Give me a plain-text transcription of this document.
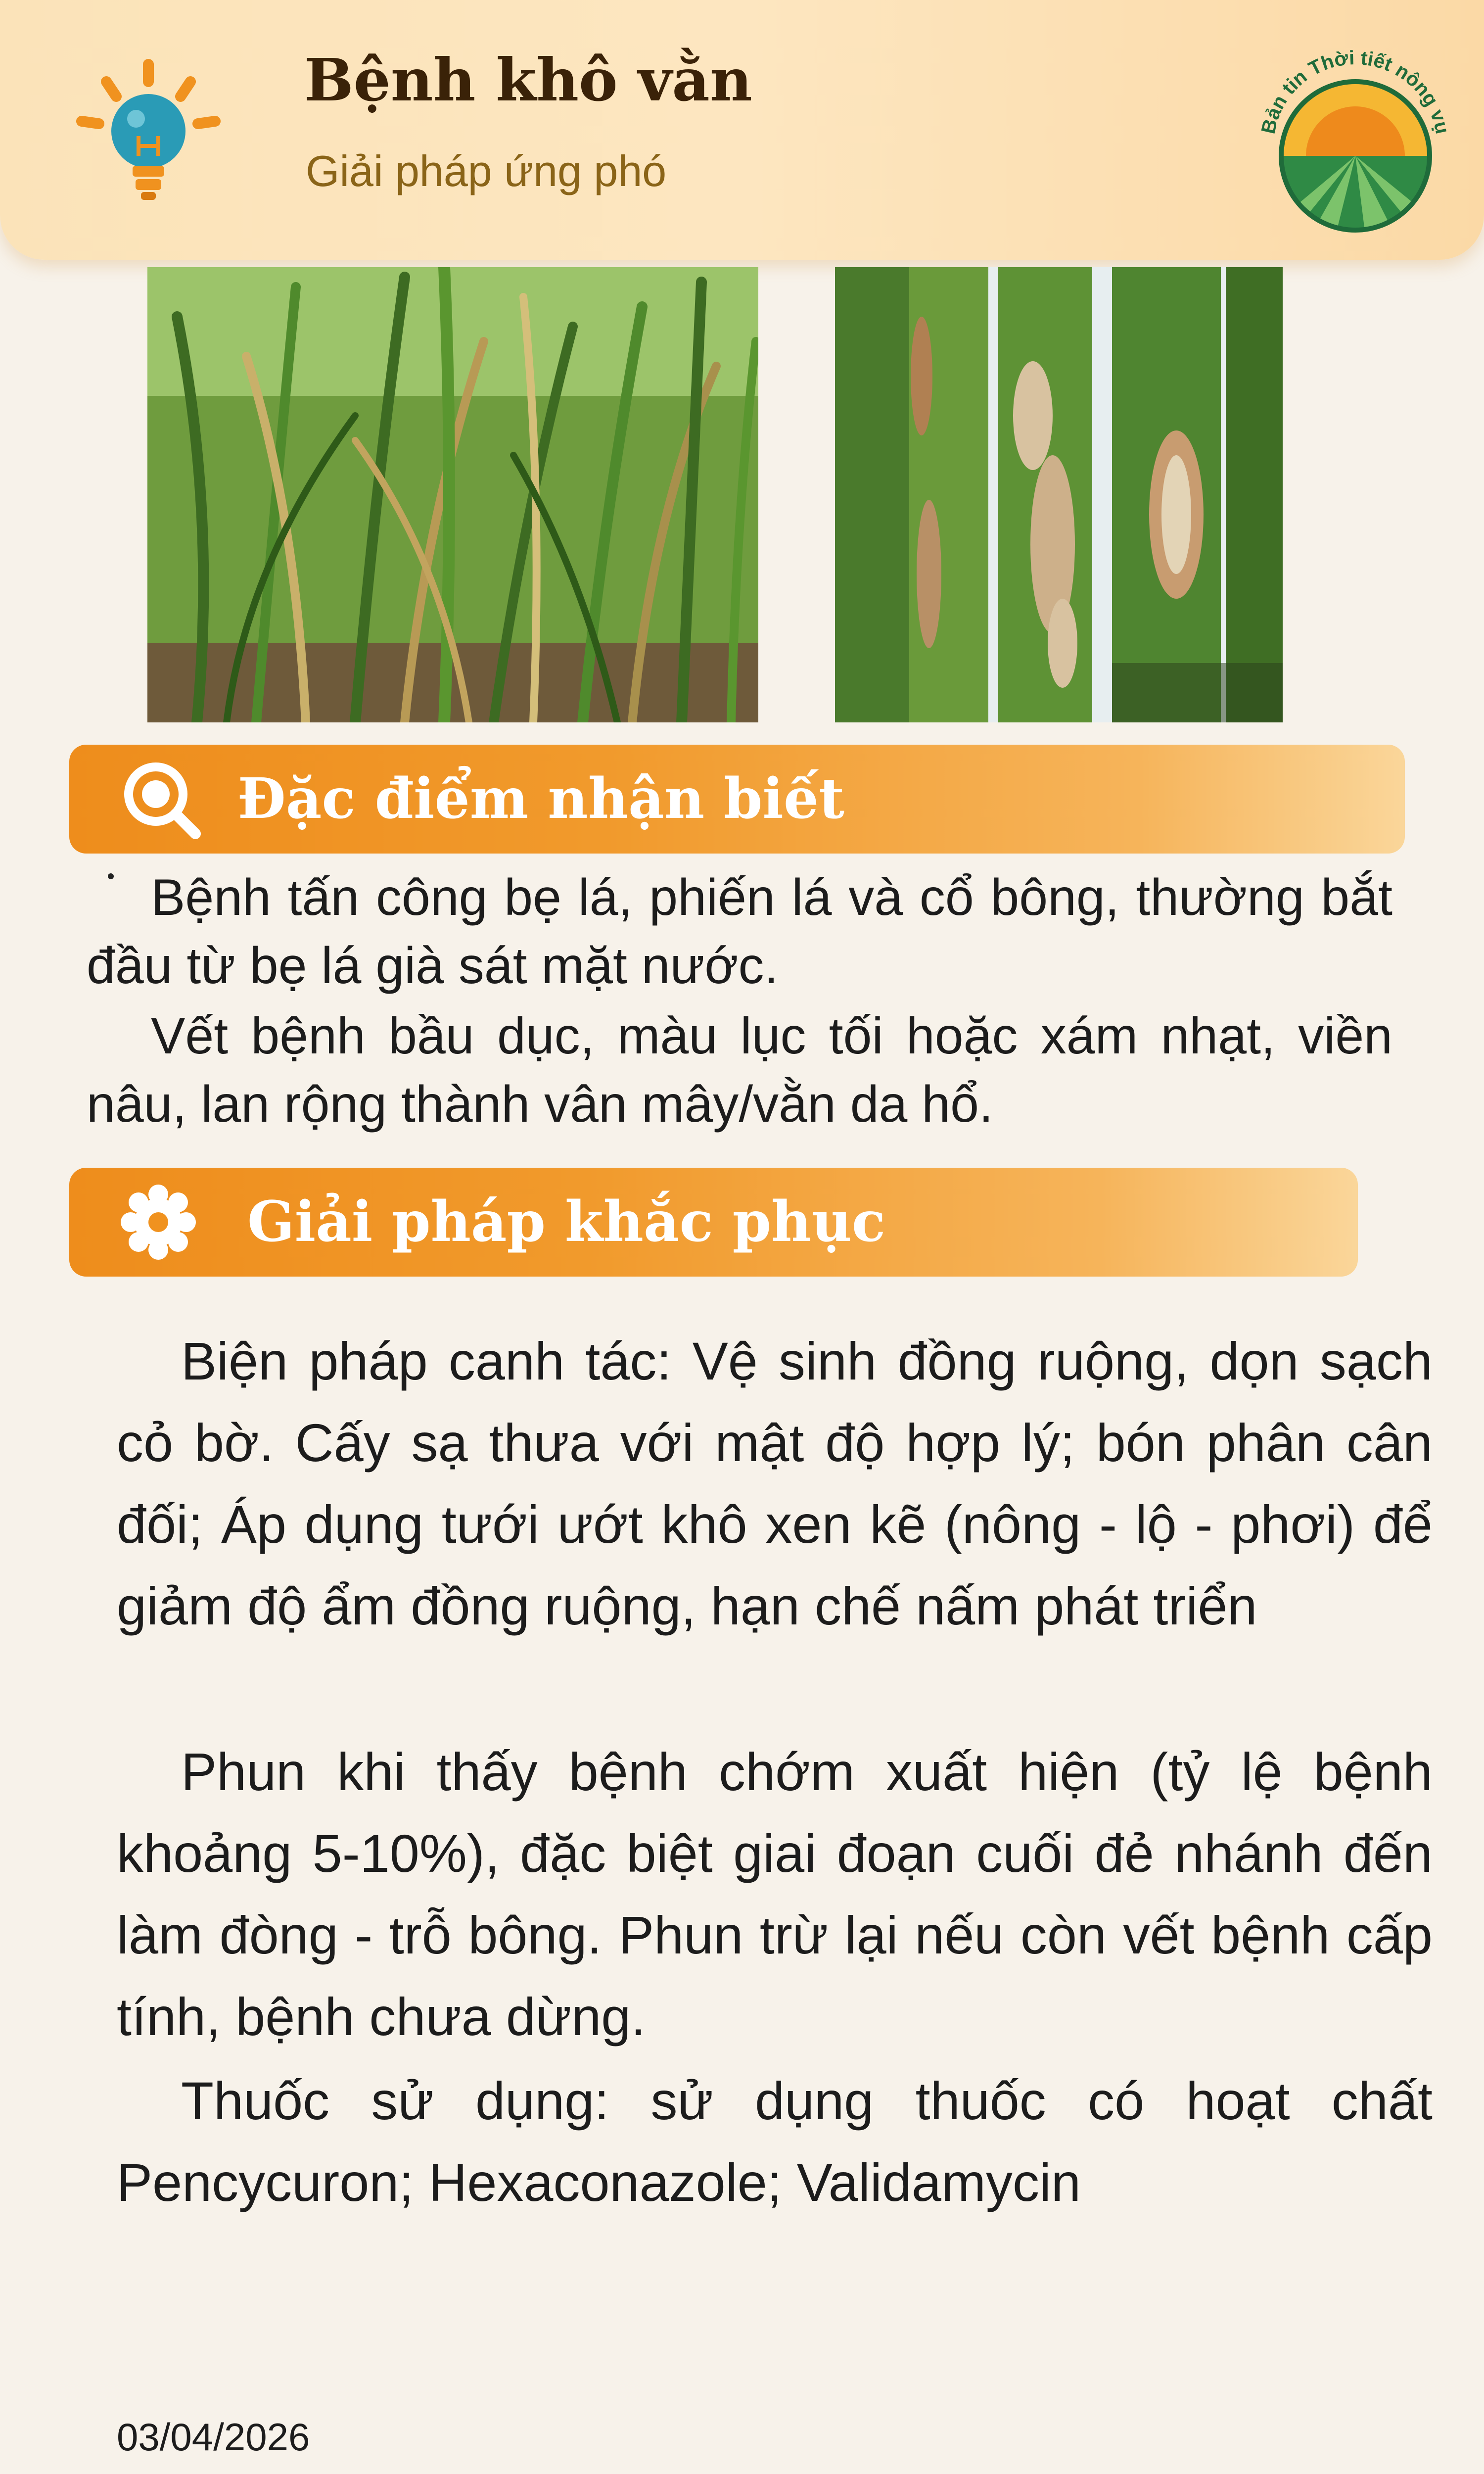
Bệnh khô vằn
Giải pháp ứng phó
Bản tin Thời tiết nông vụ
Đặc điểm nhận biết
Bệnh tấn công bẹ lá, phiến lá và cổ bông, thường bắt đầu từ bẹ lá già sát mặt nước.
Vết bệnh bầu dục, màu lục tối hoặc xám nhạt, viền nâu, lan rộng thành vân mây/vằn da hổ.
Giải pháp khắc phục
Biện pháp canh tác: Vệ sinh đồng ruộng, dọn sạch cỏ bờ. Cấy sạ thưa với mật độ hợp lý; bón phân cân đối; Áp dụng tưới ướt khô xen kẽ (nông - lộ - phơi) để giảm độ ẩm đồng ruộng, hạn chế nấm phát triển
Phun khi thấy bệnh chớm xuất hiện (tỷ lệ bệnh khoảng 5-10%), đặc biệt giai đoạn cuối đẻ nhánh đến làm đòng - trỗ bông. Phun trừ lại nếu còn vết bệnh cấp tính, bệnh chưa dừng.
Thuốc sử dụng: sử dụng thuốc có hoạt chất Pencycuron; Hexaconazole; Validamycin
03/04/2026
